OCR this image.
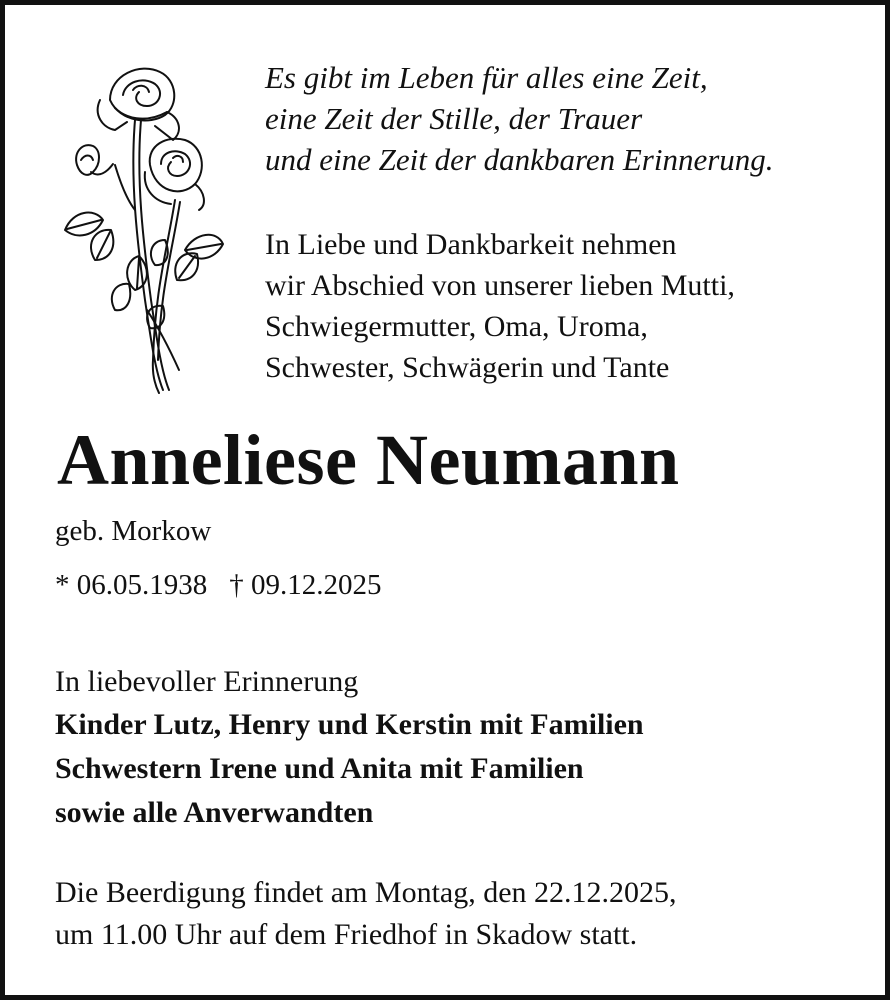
Es gibt im Leben für alles eine Zeit,
eine Zeit der Stille, der Trauer
und eine Zeit der dankbaren Erinnerung.
In Liebe und Dankbarkeit nehmen
wir Abschied von unserer lieben Mutti,
Schwiegermutter, Oma, Uroma,
Schwester, Schwägerin und Tante
Anneliese Neumann
geb. Morkow
* 06.05.1938 † 09.12.2025
In liebevoller Erinnerung
Kinder Lutz, Henry und Kerstin mit Familien
Schwestern Irene und Anita mit Familien
sowie alle Anverwandten
Die Beerdigung findet am Montag, den 22.12.2025,
um 11.00 Uhr auf dem Friedhof in Skadow statt.
